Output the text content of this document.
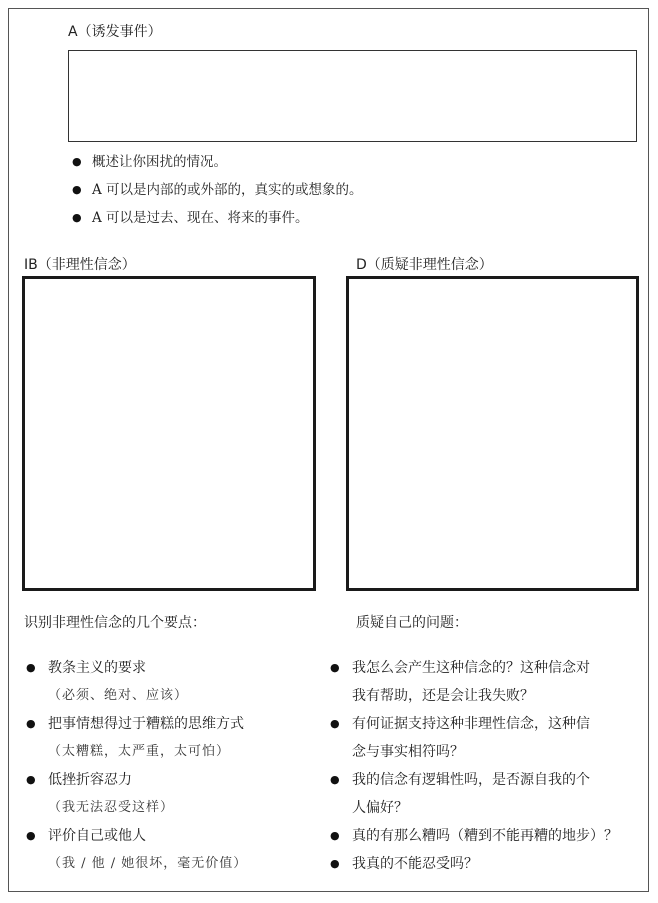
A（诱发事件）
● 概述让你困扰的情况。
● A 可以是内部的或外部的，真实的或想象的。
● A 可以是过去、现在、将来的事件。
IB（非理性信念）	D（质疑非理性信念）
识别非理性信念的几个要点：
● 教条主义的要求
（必须、绝对、应该）
● 把事情想得过于糟糕的思维方式
（太糟糕，太严重，太可怕）
● 低挫折容忍力
（我无法忍受这样）
● 评价自己或他人
（我 / 他 / 她很坏，毫无价值）
质疑自己的问题：
● 我怎么会产生这种信念的？这种信念对
我有帮助，还是会让我失败？
● 有何证据支持这种非理性信念，这种信
念与事实相符吗？
● 我的信念有逻辑性吗，是否源自我的个
人偏好？
● 真的有那么糟吗（糟到不能再糟的地步）？
● 我真的不能忍受吗？
